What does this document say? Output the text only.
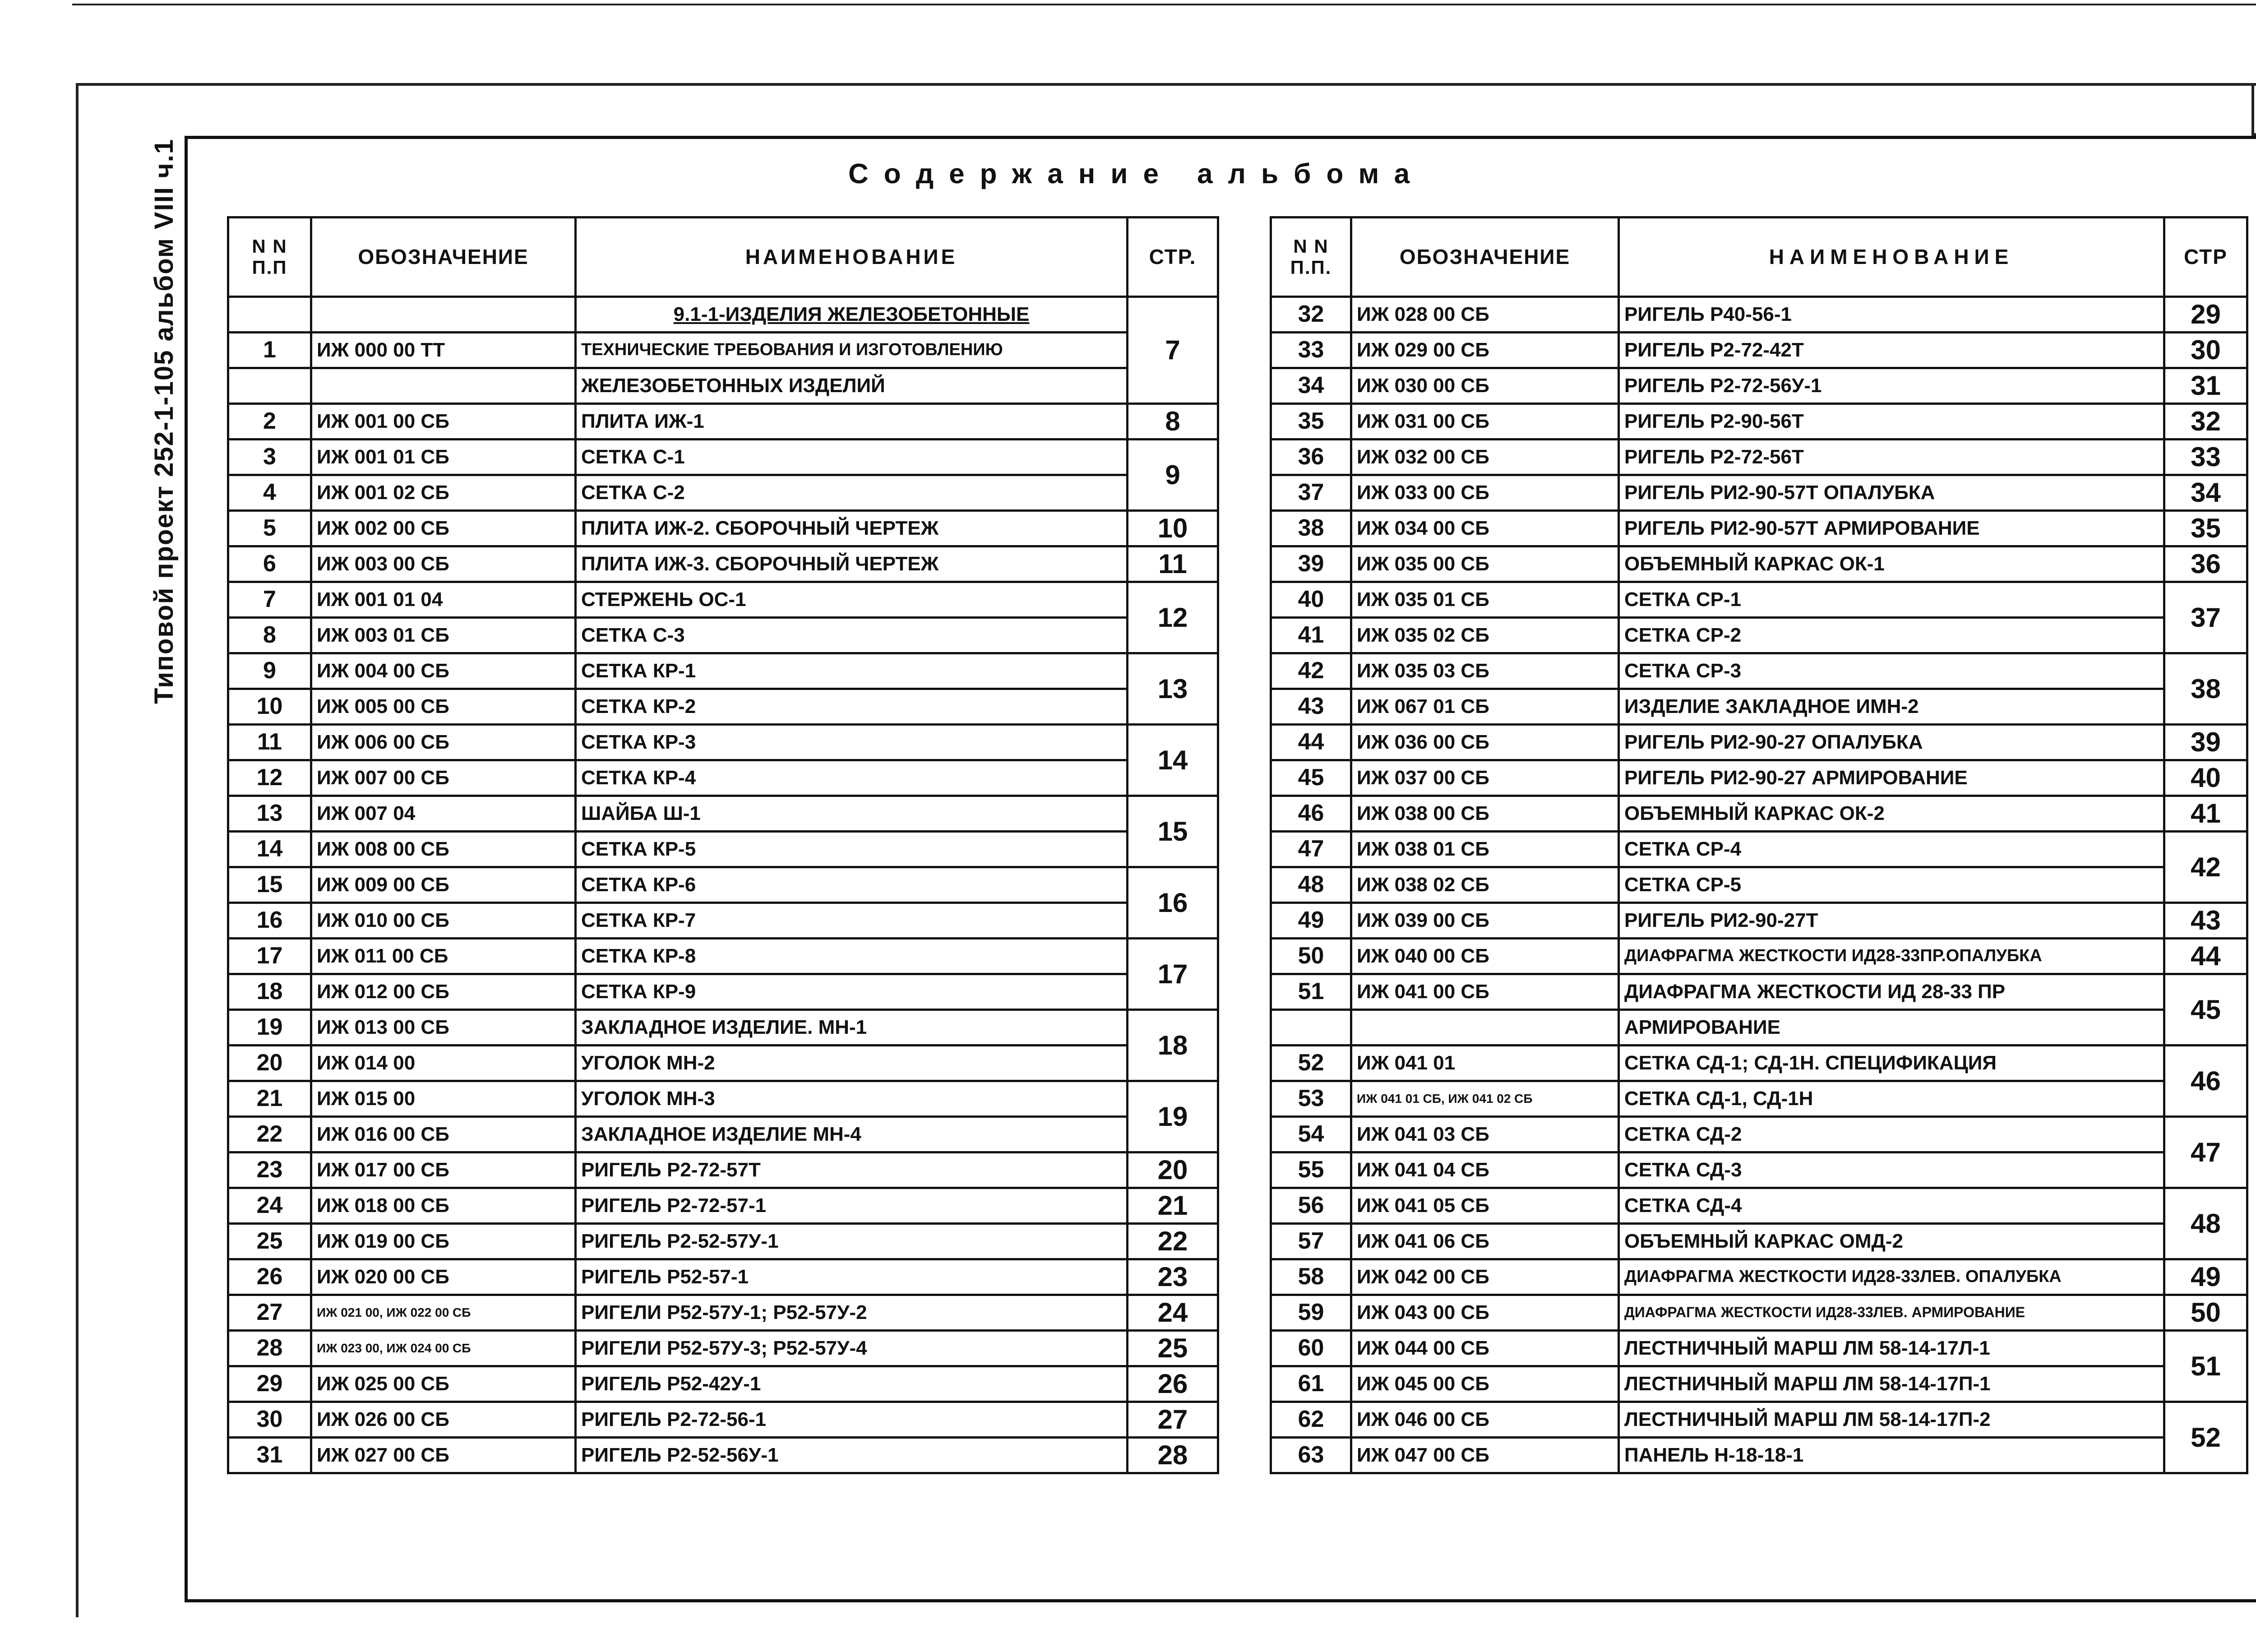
Типовой проект 252-1-105 альбом VIII ч.1	Содержание альбома
N N П.П	ОБОЗНАЧЕНИЕ	НАИМЕНОВАНИЕ	СТР.
		9.1-1-ИЗДЕЛИЯ ЖЕЛЕЗОБЕТОННЫЕ	7
1	ИЖ 000 00 ТТ	ТЕХНИЧЕСКИЕ ТРЕБОВАНИЯ И ИЗГОТОВЛЕНИЮ	
		ЖЕЛЕЗОБЕТОННЫХ ИЗДЕЛИЙ	
2	ИЖ 001 00 СБ	ПЛИТА ИЖ-1	8
3	ИЖ 001 01 СБ	СЕТКА С-1	9
4	ИЖ 001 02 СБ	СЕТКА С-2	
5	ИЖ 002 00 СБ	ПЛИТА ИЖ-2. СБОРОЧНЫЙ ЧЕРТЕЖ	10
6	ИЖ 003 00 СБ	ПЛИТА ИЖ-3. СБОРОЧНЫЙ ЧЕРТЕЖ	11
7	ИЖ 001 01 04	СТЕРЖЕНЬ ОС-1	12
8	ИЖ 003 01 СБ	СЕТКА С-3	
9	ИЖ 004 00 СБ	СЕТКА КР-1	13
10	ИЖ 005 00 СБ	СЕТКА КР-2	
11	ИЖ 006 00 СБ	СЕТКА КР-3	14
12	ИЖ 007 00 СБ	СЕТКА КР-4	
13	ИЖ 007 04	ШАЙБА Ш-1	15
14	ИЖ 008 00 СБ	СЕТКА КР-5	
15	ИЖ 009 00 СБ	СЕТКА КР-6	16
16	ИЖ 010 00 СБ	СЕТКА КР-7	
17	ИЖ 011 00 СБ	СЕТКА КР-8	17
18	ИЖ 012 00 СБ	СЕТКА КР-9	
19	ИЖ 013 00 СБ	ЗАКЛАДНОЕ ИЗДЕЛИЕ. МН-1	18
20	ИЖ 014 00	УГОЛОК МН-2	
21	ИЖ 015 00	УГОЛОК МН-3	19
22	ИЖ 016 00 СБ	ЗАКЛАДНОЕ ИЗДЕЛИЕ МН-4	
23	ИЖ 017 00 СБ	РИГЕЛЬ Р2-72-57Т	20
24	ИЖ 018 00 СБ	РИГЕЛЬ Р2-72-57-1	21
25	ИЖ 019 00 СБ	РИГЕЛЬ Р2-52-57У-1	22
26	ИЖ 020 00 СБ	РИГЕЛЬ Р52-57-1	23
27	ИЖ 021 00, ИЖ 022 00 СБ	РИГЕЛИ Р52-57У-1; Р52-57У-2	24
28	ИЖ 023 00, ИЖ 024 00 СБ	РИГЕЛИ Р52-57У-3; Р52-57У-4	25
29	ИЖ 025 00 СБ	РИГЕЛЬ Р52-42У-1	26
30	ИЖ 026 00 СБ	РИГЕЛЬ Р2-72-56-1	27
31	ИЖ 027 00 СБ	РИГЕЛЬ Р2-52-56У-1	28
N N П.П.	ОБОЗНАЧЕНИЕ	НАИМЕНОВАНИЕ	СТР
32	ИЖ 028 00 СБ	РИГЕЛЬ Р40-56-1	29
33	ИЖ 029 00 СБ	РИГЕЛЬ Р2-72-42Т	30
34	ИЖ 030 00 СБ	РИГЕЛЬ Р2-72-56У-1	31
35	ИЖ 031 00 СБ	РИГЕЛЬ Р2-90-56Т	32
36	ИЖ 032 00 СБ	РИГЕЛЬ Р2-72-56Т	33
37	ИЖ 033 00 СБ	РИГЕЛЬ РИ2-90-57Т ОПАЛУБКА	34
38	ИЖ 034 00 СБ	РИГЕЛЬ РИ2-90-57Т АРМИРОВАНИЕ	35
39	ИЖ 035 00 СБ	ОБЪЕМНЫЙ КАРКАС ОК-1	36
40	ИЖ 035 01 СБ	СЕТКА СР-1	37
41	ИЖ 035 02 СБ	СЕТКА СР-2	
42	ИЖ 035 03 СБ	СЕТКА СР-3	38
43	ИЖ 067 01 СБ	ИЗДЕЛИЕ ЗАКЛАДНОЕ ИМН-2	
44	ИЖ 036 00 СБ	РИГЕЛЬ РИ2-90-27 ОПАЛУБКА	39
45	ИЖ 037 00 СБ	РИГЕЛЬ РИ2-90-27 АРМИРОВАНИЕ	40
46	ИЖ 038 00 СБ	ОБЪЕМНЫЙ КАРКАС ОК-2	41
47	ИЖ 038 01 СБ	СЕТКА СР-4	42
48	ИЖ 038 02 СБ	СЕТКА СР-5	
49	ИЖ 039 00 СБ	РИГЕЛЬ РИ2-90-27Т	43
50	ИЖ 040 00 СБ	ДИАФРАГМА ЖЕСТКОСТИ ИД28-33ПР.ОПАЛУБКА	44
51	ИЖ 041 00 СБ	ДИАФРАГМА ЖЕСТКОСТИ ИД 28-33 ПР	45
		АРМИРОВАНИЕ	
52	ИЖ 041 01	СЕТКА СД-1; СД-1Н. СПЕЦИФИКАЦИЯ	46
53	ИЖ 041 01 СБ, ИЖ 041 02 СБ	СЕТКА СД-1, СД-1Н	
54	ИЖ 041 03 СБ	СЕТКА СД-2	47
55	ИЖ 041 04 СБ	СЕТКА СД-3	
56	ИЖ 041 05 СБ	СЕТКА СД-4	48
57	ИЖ 041 06 СБ	ОБЪЕМНЫЙ КАРКАС ОМД-2	
58	ИЖ 042 00 СБ	ДИАФРАГМА ЖЕСТКОСТИ ИД28-33ЛЕВ. ОПАЛУБКА	49
59	ИЖ 043 00 СБ	ДИАФРАГМА ЖЕСТКОСТИ ИД28-33ЛЕВ. АРМИРОВАНИЕ	50
60	ИЖ 044 00 СБ	ЛЕСТНИЧНЫЙ МАРШ ЛМ 58-14-17Л-1	51
61	ИЖ 045 00 СБ	ЛЕСТНИЧНЫЙ МАРШ ЛМ 58-14-17П-1	
62	ИЖ 046 00 СБ	ЛЕСТНИЧНЫЙ МАРШ ЛМ 58-14-17П-2	52
63	ИЖ 047 00 СБ	ПАНЕЛЬ Н-18-18-1	
